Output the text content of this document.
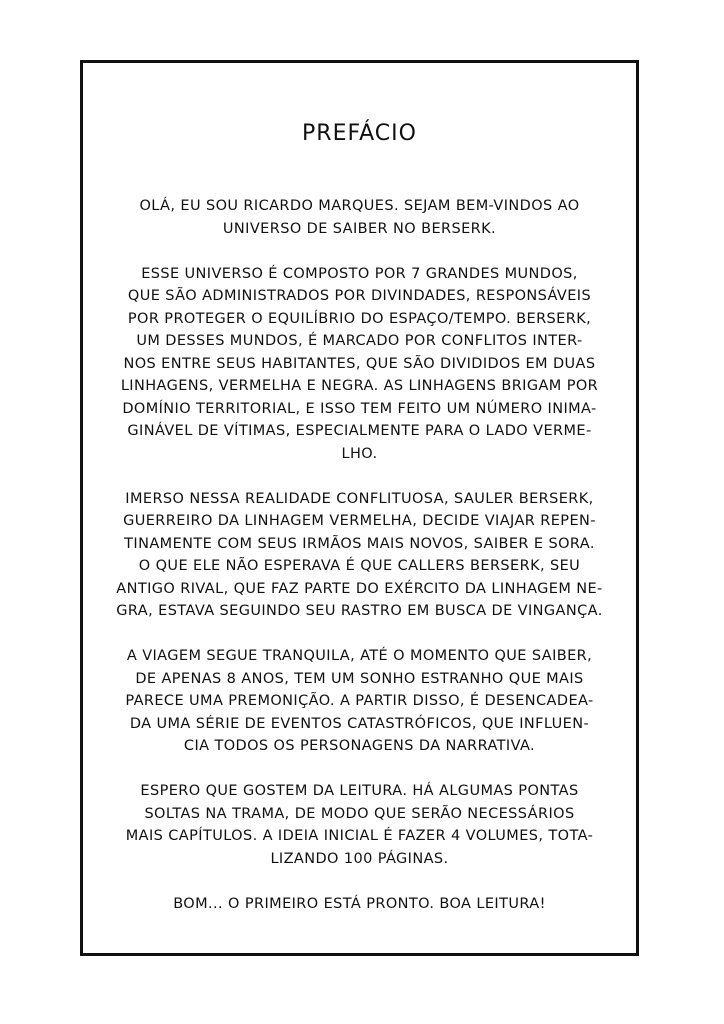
PREFÁCIO
OLÁ, EU SOU RICARDO MARQUES. SEJAM BEM-VINDOS AO
UNIVERSO DE SAIBER NO BERSERK.
ESSE UNIVERSO É COMPOSTO POR 7 GRANDES MUNDOS,
QUE SÃO ADMINISTRADOS POR DIVINDADES, RESPONSÁVEIS
POR PROTEGER O EQUILÍBRIO DO ESPAÇO/TEMPO. BERSERK,
UM DESSES MUNDOS, É MARCADO POR CONFLITOS INTER-
NOS ENTRE SEUS HABITANTES, QUE SÃO DIVIDIDOS EM DUAS
LINHAGENS, VERMELHA E NEGRA. AS LINHAGENS BRIGAM POR
DOMÍNIO TERRITORIAL, E ISSO TEM FEITO UM NÚMERO INIMA-
GINÁVEL DE VÍTIMAS, ESPECIALMENTE PARA O LADO VERME-
LHO.
IMERSO NESSA REALIDADE CONFLITUOSA, SAULER BERSERK,
GUERREIRO DA LINHAGEM VERMELHA, DECIDE VIAJAR REPEN-
TINAMENTE COM SEUS IRMÃOS MAIS NOVOS, SAIBER E SORA.
O QUE ELE NÃO ESPERAVA É QUE CALLERS BERSERK, SEU
ANTIGO RIVAL, QUE FAZ PARTE DO EXÉRCITO DA LINHAGEM NE-
GRA, ESTAVA SEGUINDO SEU RASTRO EM BUSCA DE VINGANÇA.
A VIAGEM SEGUE TRANQUILA, ATÉ O MOMENTO QUE SAIBER,
DE APENAS 8 ANOS, TEM UM SONHO ESTRANHO QUE MAIS
PARECE UMA PREMONIÇÃO. A PARTIR DISSO, É DESENCADEA-
DA UMA SÉRIE DE EVENTOS CATASTRÓFICOS, QUE INFLUEN-
CIA TODOS OS PERSONAGENS DA NARRATIVA.
ESPERO QUE GOSTEM DA LEITURA. HÁ ALGUMAS PONTAS
SOLTAS NA TRAMA, DE MODO QUE SERÃO NECESSÁRIOS
MAIS CAPÍTULOS. A IDEIA INICIAL É FAZER 4 VOLUMES, TOTA-
LIZANDO 100 PÁGINAS.
BOM... O PRIMEIRO ESTÁ PRONTO. BOA LEITURA!
